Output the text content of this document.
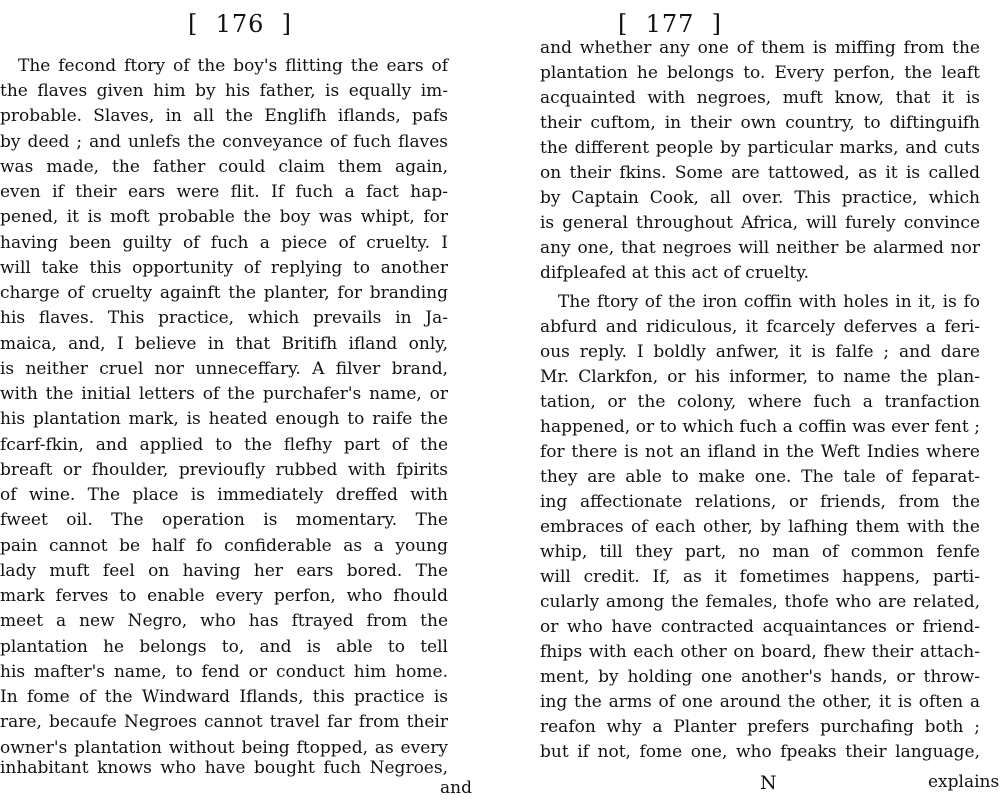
[  176  ]
The fecond ftory of the boy's flitting the ears of
the flaves given him by his father, is equally im-
probable. Slaves, in all the Englifh iflands, pafs
by deed ; and unlefs the conveyance of fuch flaves
was made, the father could claim them again,
even if their ears were flit. If fuch a fact hap-
pened, it is moft probable the boy was whipt, for
having been guilty of fuch a piece of cruelty. I
will take this opportunity of replying to another
charge of cruelty againft the planter, for branding
his flaves. This practice, which prevails in Ja-
maica, and, I believe in that Britifh ifland only,
is neither cruel nor unneceffary. A filver brand,
with the initial letters of the purchafer's name, or
his plantation mark, is heated enough to raife the
fcarf-fkin, and applied to the flefhy part of the
breaft or fhoulder, previoufly rubbed with fpirits
of wine. The place is immediately dreffed with
fweet oil. The operation is momentary. The
pain cannot be half fo confiderable as a young
lady muft feel on having her ears bored. The
mark ferves to enable every perfon, who fhould
meet a new Negro, who has ftrayed from the
plantation he belongs to, and is able to tell
his mafter's name, to fend or conduct him home.
In fome of the Windward Iflands, this practice is
rare, becaufe Negroes cannot travel far from their
owner's plantation without being ftopped, as every
inhabitant knows who have bought fuch Negroes,
and
[  177  ]
and whether any one of them is miffing from the
plantation he belongs to. Every perfon, the leaft
acquainted with negroes, muft know, that it is
their cuftom, in their own country, to diftinguifh
the different people by particular marks, and cuts
on their fkins. Some are tattowed, as it is called
by Captain Cook, all over. This practice, which
is general throughout Africa, will furely convince
any one, that negroes will neither be alarmed nor
difpleafed at this act of cruelty.
The ftory of the iron coffin with holes in it, is fo
abfurd and ridiculous, it fcarcely deferves a feri-
ous reply. I boldly anfwer, it is falfe ; and dare
Mr. Clarkfon, or his informer, to name the plan-
tation, or the colony, where fuch a tranfaction
happened, or to which fuch a coffin was ever fent ;
for there is not an ifland in the Weft Indies where
they are able to make one. The tale of feparat-
ing affectionate relations, or friends, from the
embraces of each other, by lafhing them with the
whip, till they part, no man of common fenfe
will credit. If, as it fometimes happens, parti-
cularly among the females, thofe who are related,
or who have contracted acquaintances or friend-
fhips with each other on board, fhew their attach-
ment, by holding one another's hands, or throw-
ing the arms of one around the other, it is often a
reafon why a Planter prefers purchafing both ;
but if not, fome one, who fpeaks their language,
N	explains
